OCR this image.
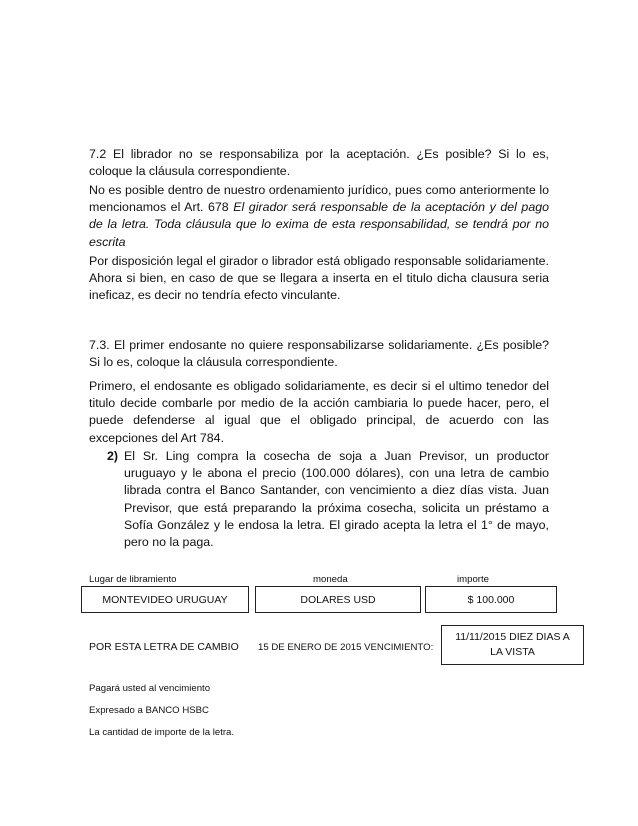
7.2 El librador no se responsabiliza por la aceptación. ¿Es posible? Si lo es, coloque la cláusula correspondiente.
No es posible dentro de nuestro ordenamiento jurídico, pues como anteriormente lo mencionamos el Art. 678 El girador será responsable de la aceptación y del pago de la letra. Toda cláusula que lo exima de esta responsabilidad, se tendrá por no escrita
Por disposición legal el girador o librador está obligado responsable solidariamente. Ahora si bien, en caso de que se llegara a inserta en el titulo dicha clausura seria ineficaz, es decir no tendría efecto vinculante.
7.3. El primer endosante no quiere responsabilizarse solidariamente. ¿Es posible? Si lo es, coloque la cláusula correspondiente.
Primero, el endosante es obligado solidariamente, es decir si el ultimo tenedor del titulo decide combarle por medio de la acción cambiaria lo puede hacer, pero, el puede defenderse al igual que el obligado principal, de acuerdo con las excepciones del Art 784.
2) El Sr. Ling compra la cosecha de soja a Juan Previsor, un productor uruguayo y le abona el precio (100.000 dólares), con una letra de cambio librada contra el Banco Santander, con vencimiento a diez días vista. Juan Previsor, que está preparando la próxima cosecha, solicita un préstamo a Sofía González y le endosa la letra. El girado acepta la letra el 1° de mayo, pero no la paga.
Lugar de libramiento	moneda	importe
MONTEVIDEO URUGUAY	DOLARES USD	$ 100.000
POR ESTA LETRA DE CAMBIO 15 DE ENERO DE 2015 VENCIMIENTO:
11/11/2015 DIEZ DIAS A LA VISTA
Pagará usted al vencimiento
Expresado a BANCO HSBC
La cantidad de importe de la letra.
